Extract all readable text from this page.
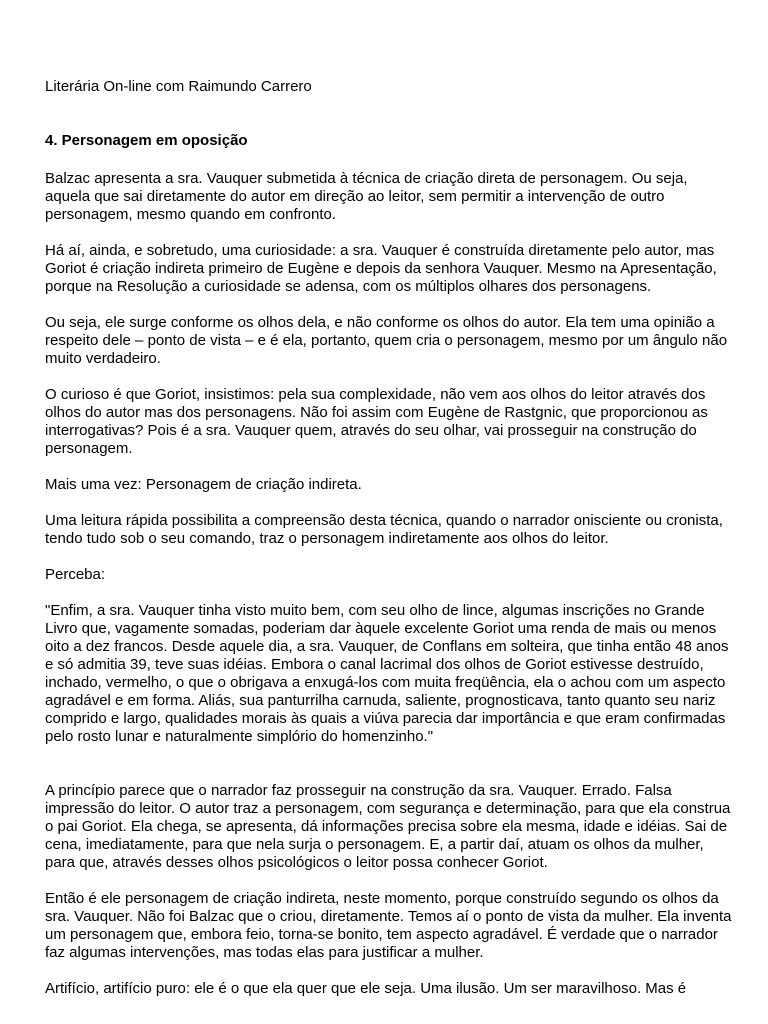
Literária On-line com Raimundo Carrero
4. Personagem em oposição

Balzac apresenta a sra. Vauquer submetida à técnica de criação direta de personagem. Ou seja, aquela que sai diretamente do autor em direção ao leitor, sem permitir a intervenção de outro personagem, mesmo quando em confronto.

Há aí, ainda, e sobretudo, uma curiosidade: a sra. Vauquer é construída diretamente pelo autor, mas Goriot é criação indireta primeiro de Eugène e depois da senhora Vauquer. Mesmo na Apresentação, porque na Resolução a curiosidade se adensa, com os múltiplos olhares dos personagens.

Ou seja, ele surge conforme os olhos dela, e não conforme os olhos do autor. Ela tem uma opinião a respeito dele – ponto de vista – e é ela, portanto, quem cria o personagem, mesmo por um ângulo não muito verdadeiro.

O curioso é que Goriot, insistimos: pela sua complexidade, não vem aos olhos do leitor através dos olhos do autor mas dos personagens. Não foi assim com Eugène de Rastgnic, que proporcionou as interrogativas? Pois é a sra. Vauquer quem, através do seu olhar, vai prosseguir na construção do personagem.

Mais uma vez: Personagem de criação indireta.

Uma leitura rápida possibilita a compreensão desta técnica, quando o narrador onisciente ou cronista, tendo tudo sob o seu comando, traz o personagem indiretamente aos olhos do leitor.

Perceba:

"Enfim, a sra. Vauquer tinha visto muito bem, com seu olho de lince, algumas inscrições no Grande Livro que, vagamente somadas, poderiam dar àquele excelente Goriot uma renda de mais ou menos oito a dez francos. Desde aquele dia, a sra. Vauquer, de Conflans em solteira, que tinha então 48 anos e só admitia 39, teve suas idéias. Embora o canal lacrimal dos olhos de Goriot estivesse destruído, inchado, vermelho, o que o obrigava a enxugá-los com muita freqüência, ela o achou com um aspecto agradável e em forma. Aliás, sua panturrilha carnuda, saliente, prognosticava, tanto quanto seu nariz comprido e largo, qualidades morais às quais a viúva parecia dar importância e que eram confirmadas pelo rosto lunar e naturalmente simplório do homenzinho."

A princípio parece que o narrador faz prosseguir na construção da sra. Vauquer. Errado. Falsa impressão do leitor. O autor traz a personagem, com segurança e determinação, para que ela construa o pai Goriot. Ela chega, se apresenta, dá informações precisa sobre ela mesma, idade e idéias. Sai de cena, imediatamente, para que nela surja o personagem. E, a partir daí, atuam os olhos da mulher, para que, através desses olhos psicológicos o leitor possa conhecer Goriot.

Então é ele personagem de criação indireta, neste momento, porque construído segundo os olhos da sra. Vauquer. Não foi Balzac que o criou, diretamente. Temos aí o ponto de vista da mulher. Ela inventa um personagem que, embora feio, torna-se bonito, tem aspecto agradável. É verdade que o narrador faz algumas intervenções, mas todas elas para justificar a mulher.

Artifício, artifício puro: ele é o que ela quer que ele seja. Uma ilusão. Um ser maravilhoso. Mas é
